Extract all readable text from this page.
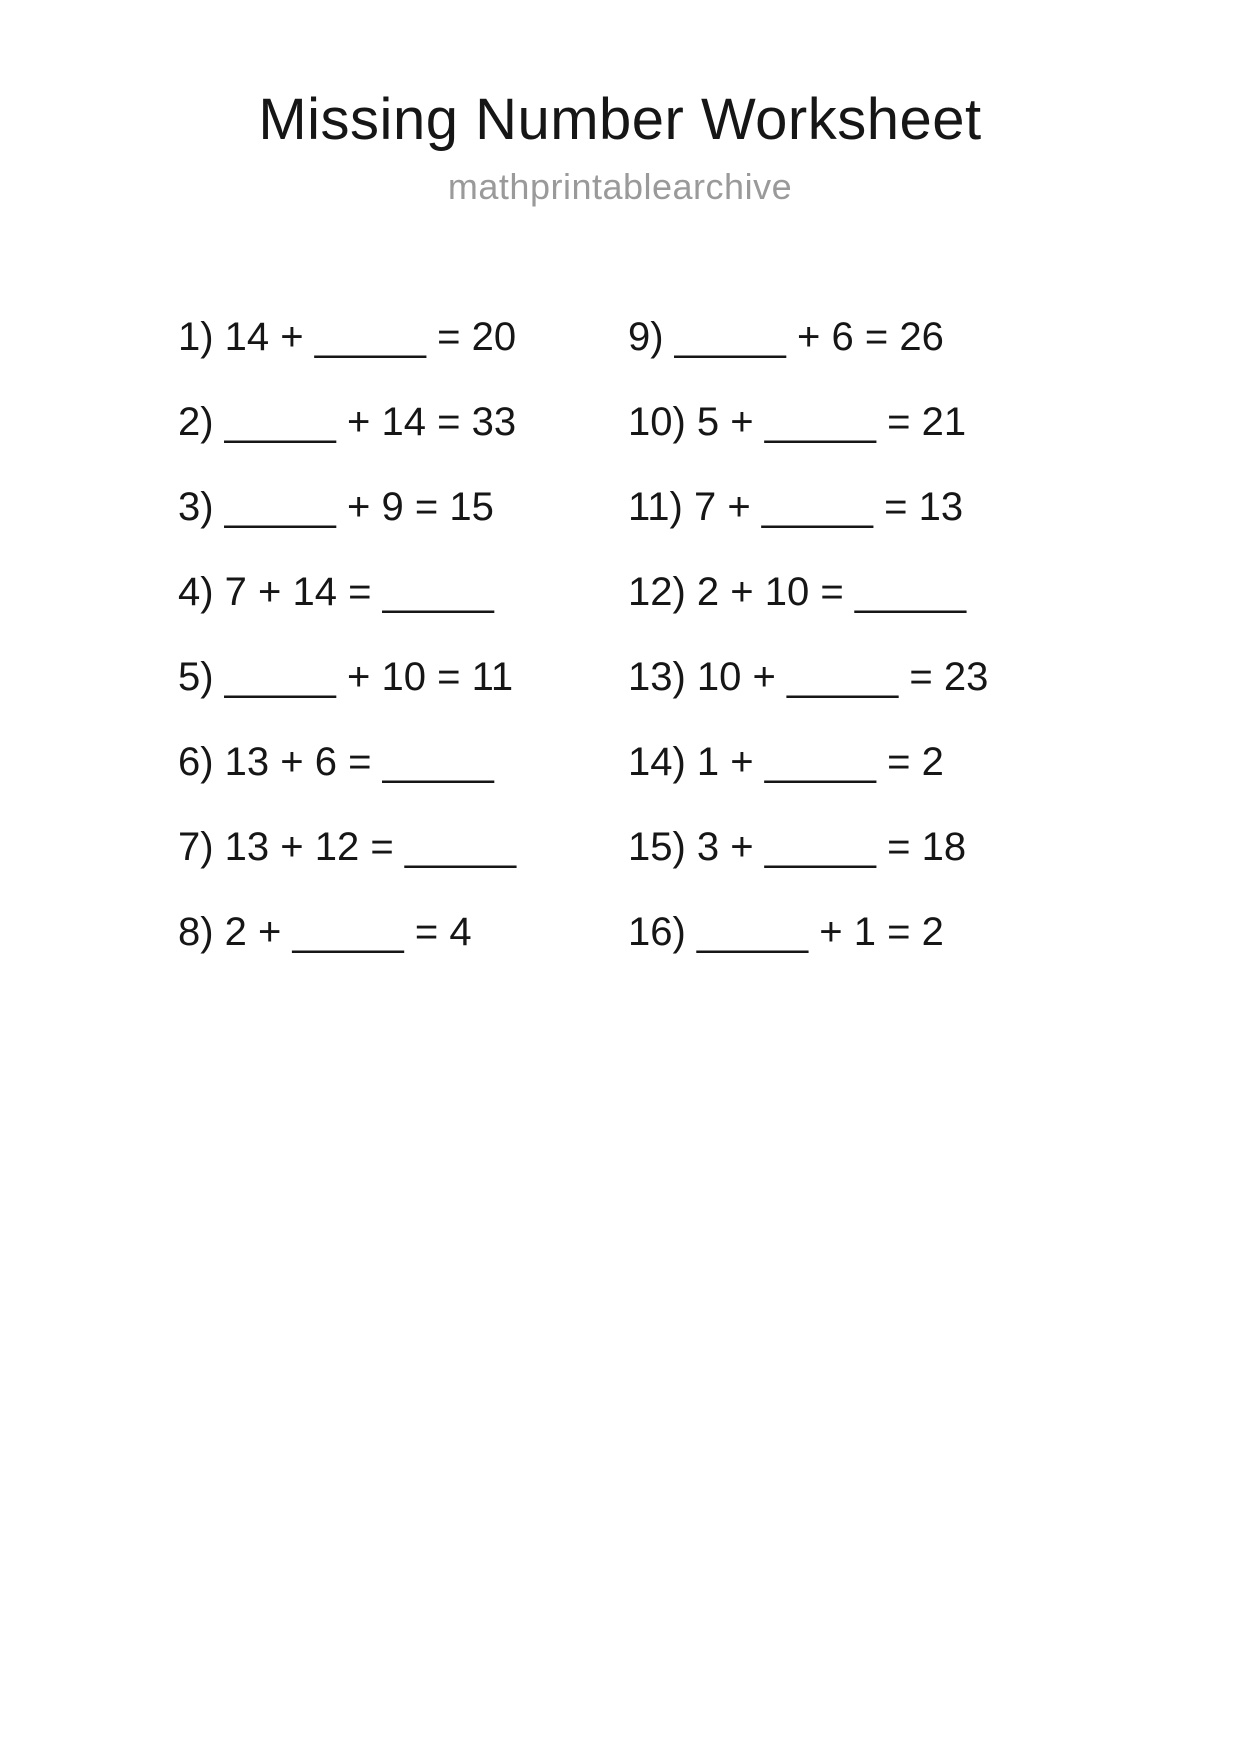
Missing Number Worksheet
mathprintablearchive
1) 14 + _____ = 20
2) _____ + 14 = 33
3) _____ + 9 = 15
4) 7 + 14 = _____
5) _____ + 10 = 11
6) 13 + 6 = _____
7) 13 + 12 = _____
8) 2 + _____ = 4
9) _____ + 6 = 26
10) 5 + _____ = 21
11) 7 + _____ = 13
12) 2 + 10 = _____
13) 10 + _____ = 23
14) 1 + _____ = 2
15) 3 + _____ = 18
16) _____ + 1 = 2
